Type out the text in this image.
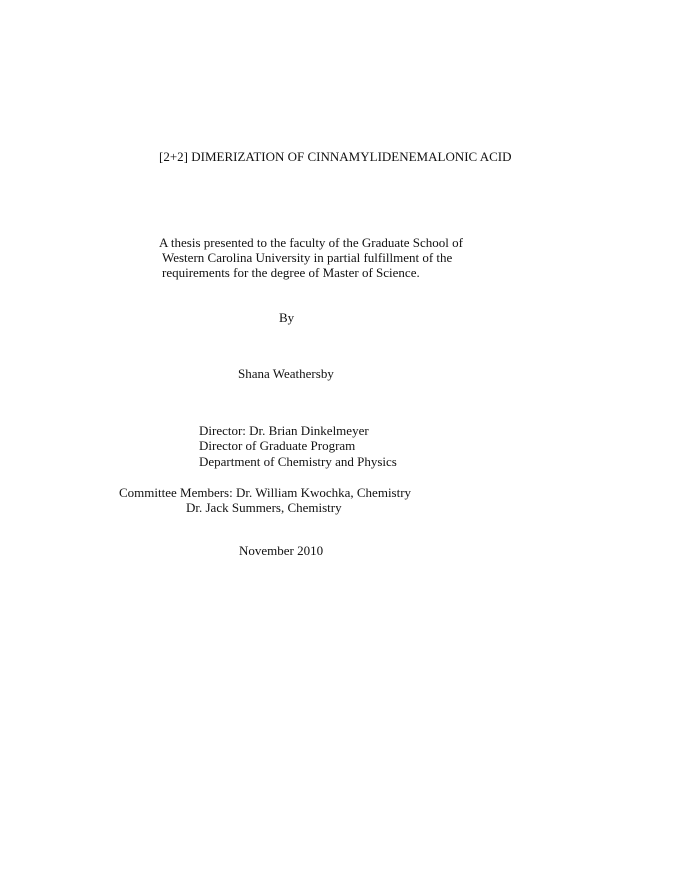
[2+2] DIMERIZATION OF CINNAMYLIDENEMALONIC ACID
A thesis presented to the faculty of the Graduate School of
Western Carolina University in partial fulfillment of the
requirements for the degree of Master of Science.
By
Shana Weathersby
Director: Dr. Brian Dinkelmeyer
Director of Graduate Program
Department of Chemistry and Physics
Committee Members: Dr. William Kwochka, Chemistry
Dr. Jack Summers, Chemistry
November 2010
